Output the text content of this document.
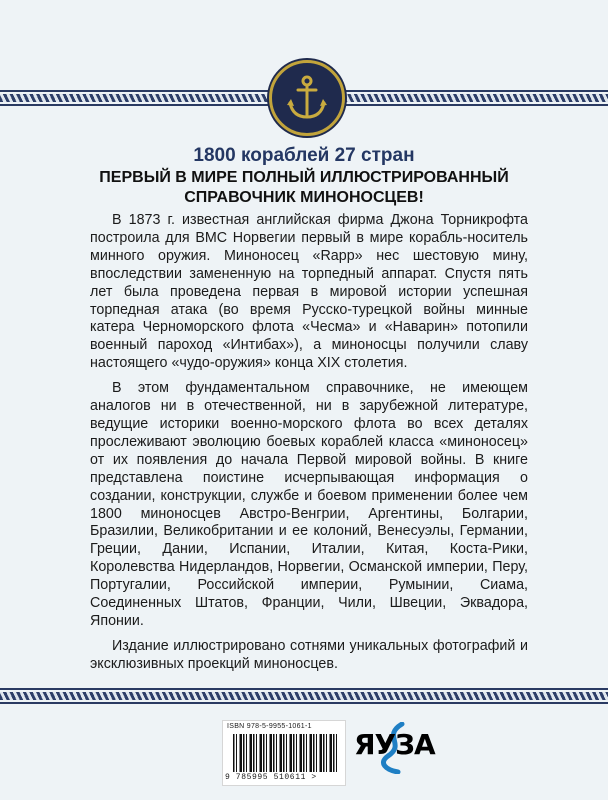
1800 кораблей 27 стран
ПЕРВЫЙ В МИРЕ ПОЛНЫЙ ИЛЛЮСТРИРОВАННЫЙ
СПРАВОЧНИК МИНОНОСЦЕВ!

В 1873 г. известная английская фирма Джона Торникрофта построила для ВМС Норвегии первый в мире корабль-носитель минного оружия. Миноносец «Rapp» нес шестовую мину, впоследствии замененную на торпедный аппарат. Спустя пять лет была проведена первая в мировой истории успешная торпедная атака (во время Русско-турецкой войны минные катера Черноморского флота «Чесма» и «Наварин» потопили военный пароход «Интибах»), а миноносцы получили славу настоящего «чудо-оружия» конца XIX столетия.

В этом фундаментальном справочнике, не имеющем аналогов ни в отечественной, ни в зарубежной литературе, ведущие историки военно-морского флота во всех деталях прослеживают эволюцию боевых кораблей класса «миноносец» от их появления до начала Первой мировой войны. В книге представлена поистине исчерпывающая информация о создании, конструкции, службе и боевом применении более чем 1800 миноносцев Австро-Венгрии, Аргентины, Болгарии, Бразилии, Великобритании и ее колоний, Венесуэлы, Германии, Греции, Дании, Испании, Италии, Китая, Коста-Рики, Королевства Нидерландов, Норвегии, Османской империи, Перу, Португалии, Российской империи, Румынии, Сиама, Соединенных Штатов, Франции, Чили, Швеции, Эквадора, Японии.

Издание иллюстрировано сотнями уникальных фотографий и эксклюзивных проекций миноносцев.

ISBN 978-5-9955-1061-1
9 785995 510611 >
ЯУЗА
